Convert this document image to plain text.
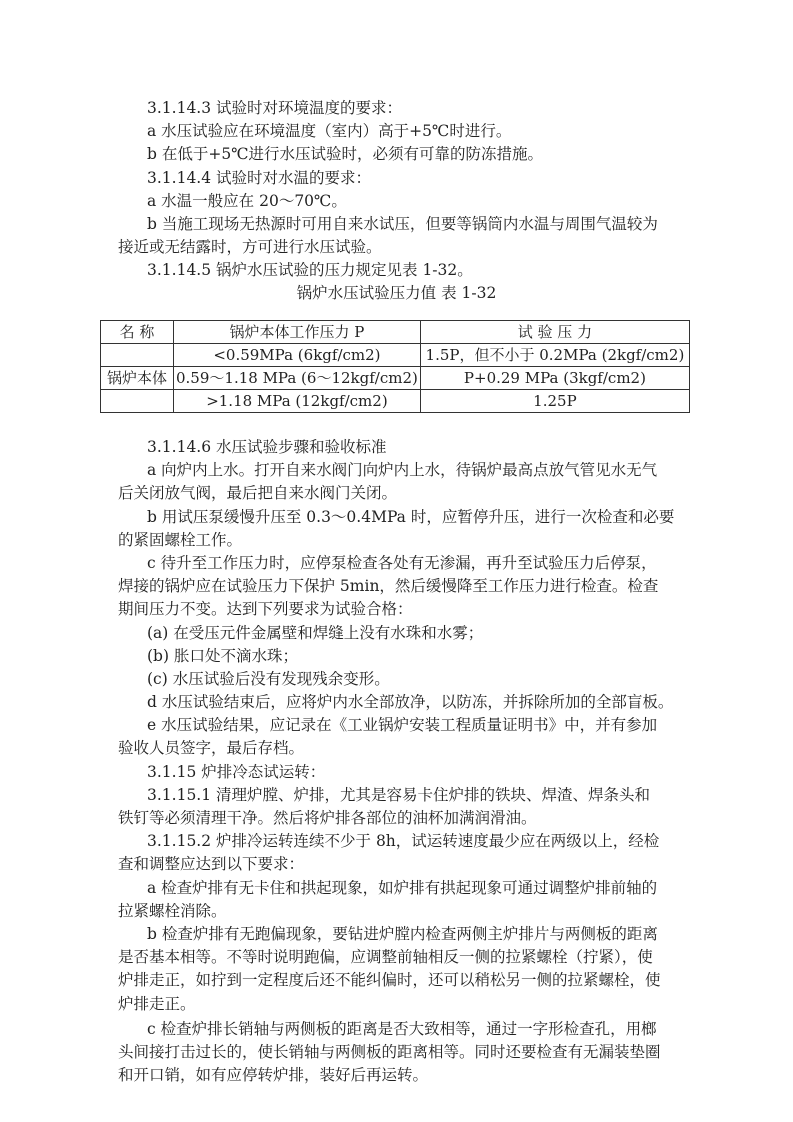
3.1.14.3 试验时对环境温度的要求：
a 水压试验应在环境温度（室内）高于+5℃时进行。
b 在低于+5℃进行水压试验时，必须有可靠的防冻措施。
3.1.14.4 试验时对水温的要求：
a 水温一般应在 20～70℃。
b 当施工现场无热源时可用自来水试压，但要等锅筒内水温与周围气温较为
接近或无结露时，方可进行水压试验。
3.1.14.5 锅炉水压试验的压力规定见表 1-32。
锅炉水压试验压力值 表 1-32
名 称	锅炉本体工作压力 P	试 验 压 力
	<0.59MPa (6kgf/cm2)	1.5P，但不小于 0.2MPa (2kgf/cm2)
锅炉本体	0.59～1.18 MPa (6～12kgf/cm2)	P+0.29 MPa (3kgf/cm2)
	>1.18 MPa (12kgf/cm2)	1.25P
3.1.14.6 水压试验步骤和验收标准
a 向炉内上水。打开自来水阀门向炉内上水，待锅炉最高点放气管见水无气
后关闭放气阀，最后把自来水阀门关闭。
b 用试压泵缓慢升压至 0.3～0.4MPa 时，应暂停升压，进行一次检查和必要
的紧固螺栓工作。
c 待升至工作压力时，应停泵检查各处有无渗漏，再升至试验压力后停泵，
焊接的锅炉应在试验压力下保护 5min，然后缓慢降至工作压力进行检查。检查
期间压力不变。达到下列要求为试验合格：
(a) 在受压元件金属壁和焊缝上没有水珠和水雾；
(b) 胀口处不滴水珠；
(c) 水压试验后没有发现残余变形。
d 水压试验结束后，应将炉内水全部放净，以防冻，并拆除所加的全部盲板。
e 水压试验结果，应记录在《工业锅炉安装工程质量证明书》中，并有参加
验收人员签字，最后存档。
3.1.15 炉排冷态试运转：
3.1.15.1 清理炉膛、炉排，尤其是容易卡住炉排的铁块、焊渣、焊条头和
铁钉等必须清理干净。然后将炉排各部位的油杯加满润滑油。
3.1.15.2 炉排冷运转连续不少于 8h，试运转速度最少应在两级以上，经检
查和调整应达到以下要求：
a 检查炉排有无卡住和拱起现象，如炉排有拱起现象可通过调整炉排前轴的
拉紧螺栓消除。
b 检查炉排有无跑偏现象，要钻进炉膛内检查两侧主炉排片与两侧板的距离
是否基本相等。不等时说明跑偏，应调整前轴相反一侧的拉紧螺栓（拧紧），使
炉排走正，如拧到一定程度后还不能纠偏时，还可以稍松另一侧的拉紧螺栓，使
炉排走正。
c 检查炉排长销轴与两侧板的距离是否大致相等，通过一字形检查孔，用榔
头间接打击过长的，使长销轴与两侧板的距离相等。同时还要检查有无漏装垫圈
和开口销，如有应停转炉排，装好后再运转。
